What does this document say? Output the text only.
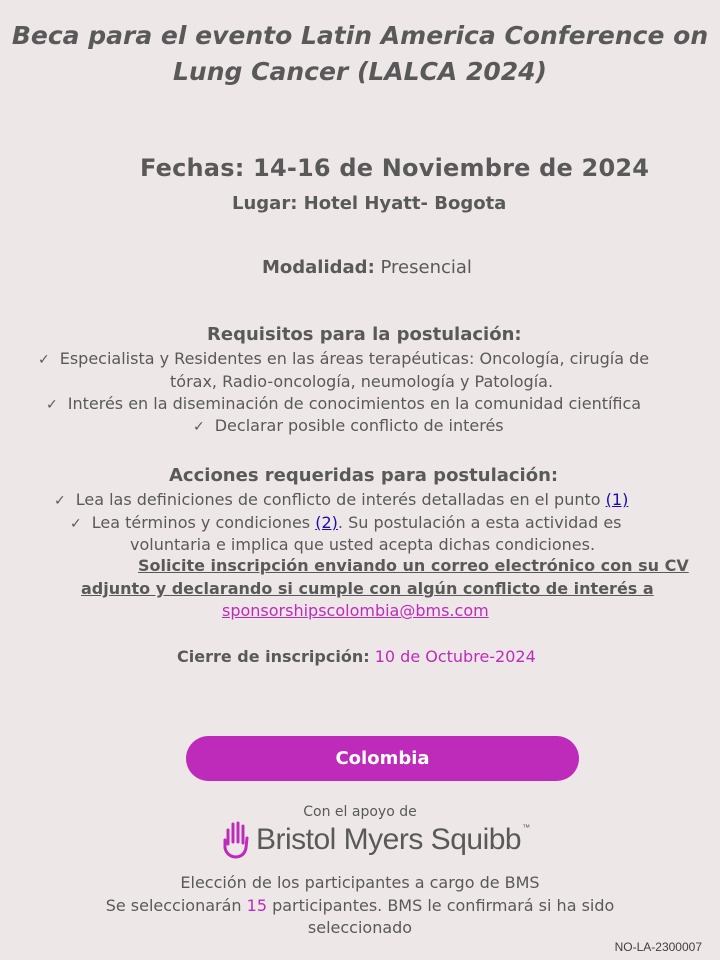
Beca para el evento Latin America Conference on
Lung Cancer (LALCA 2024)
Fechas: 14-16 de Noviembre de 2024
Lugar: Hotel Hyatt- Bogota
Modalidad: Presencial
Requisitos para la postulación:
✓ Especialista y Residentes en las áreas terapéuticas: Oncología, cirugía de
tórax, Radio-oncología, neumología y Patología.
✓ Interés en la diseminación de conocimientos en la comunidad científica
✓ Declarar posible conflicto de interés
Acciones requeridas para postulación:
✓ Lea las definiciones de conflicto de interés detalladas en el punto (1)
✓ Lea términos y condiciones (2). Su postulación a esta actividad es
voluntaria e implica que usted acepta dichas condiciones.
Solicite inscripción enviando un correo electrónico con su CV
adjunto y declarando si cumple con algún conflicto de interés a
sponsorshipscolombia@bms.com
Cierre de inscripción: 10 de Octubre-2024
Colombia
Con el apoyo de
Bristol Myers Squibb™
Elección de los participantes a cargo de BMS
Se seleccionarán 15 participantes. BMS le confirmará si ha sido
seleccionado
NO-LA-2300007
